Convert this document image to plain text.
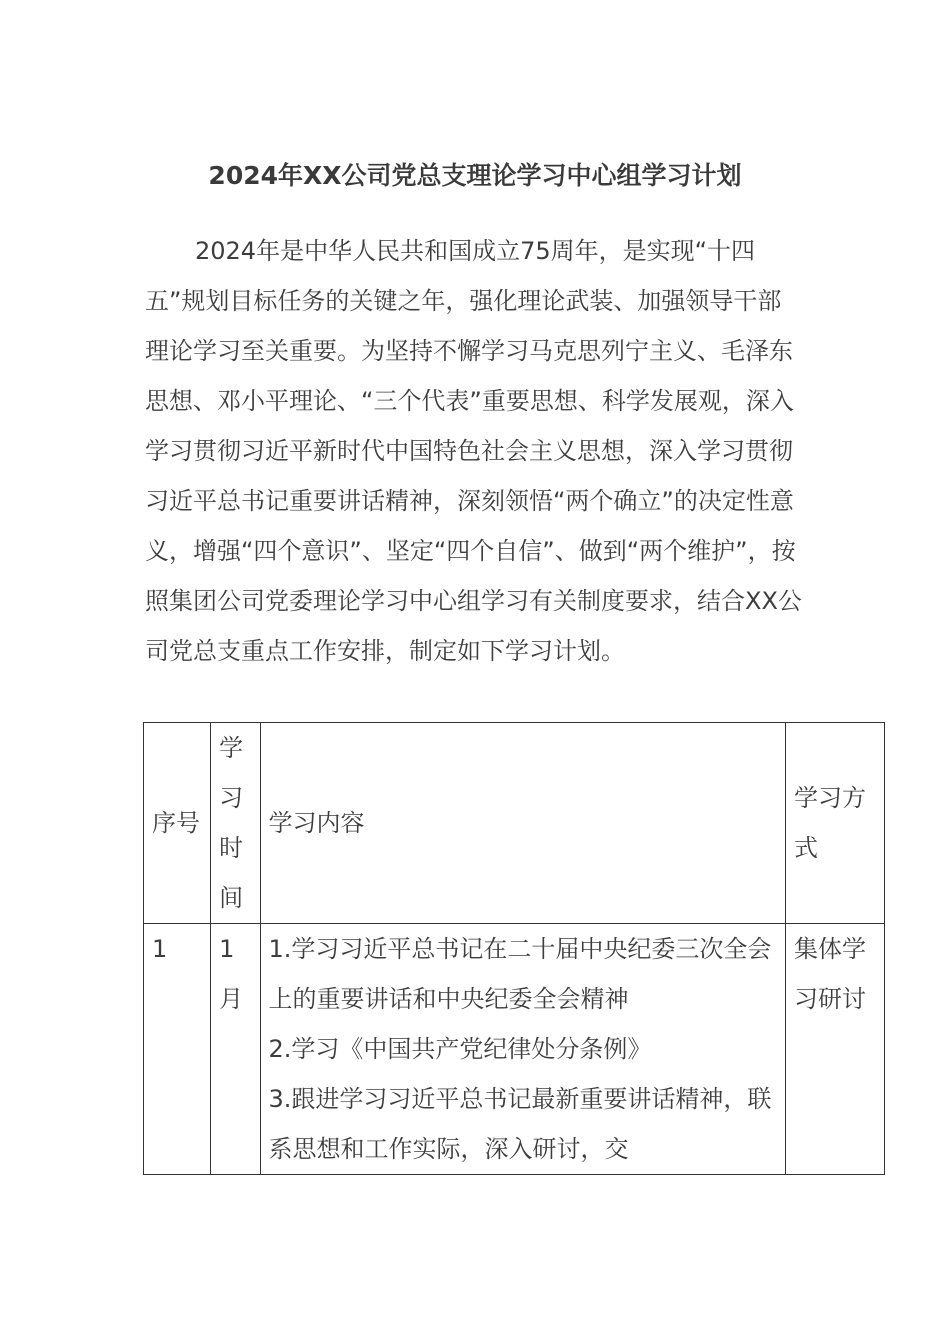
2024年XX公司党总支理论学习中心组学习计划

2024年是中华人民共和国成立75周年，是实现“十四五”规划目标任务的关键之年，强化理论武装、加强领导干部理论学习至关重要。为坚持不懈学习马克思列宁主义、毛泽东思想、邓小平理论、“三个代表”重要思想、科学发展观，深入学习贯彻习近平新时代中国特色社会主义思想，深入学习贯彻习近平总书记重要讲话精神，深刻领悟“两个确立”的决定性意义，增强“四个意识”、坚定“四个自信”、做到“两个维护”，按照集团公司党委理论学习中心组学习有关制度要求，结合XX公司党总支重点工作安排，制定如下学习计划。

序号	学习时间	学习内容	学习方式
1	1月	1.学习习近平总书记在二十届中央纪委三次全会上的重要讲话和中央纪委全会精神
2.学习《中国共产党纪律处分条例》
3.跟进学习习近平总书记最新重要讲话精神，联系思想和工作实际，深入研讨，交	集体学习研讨
